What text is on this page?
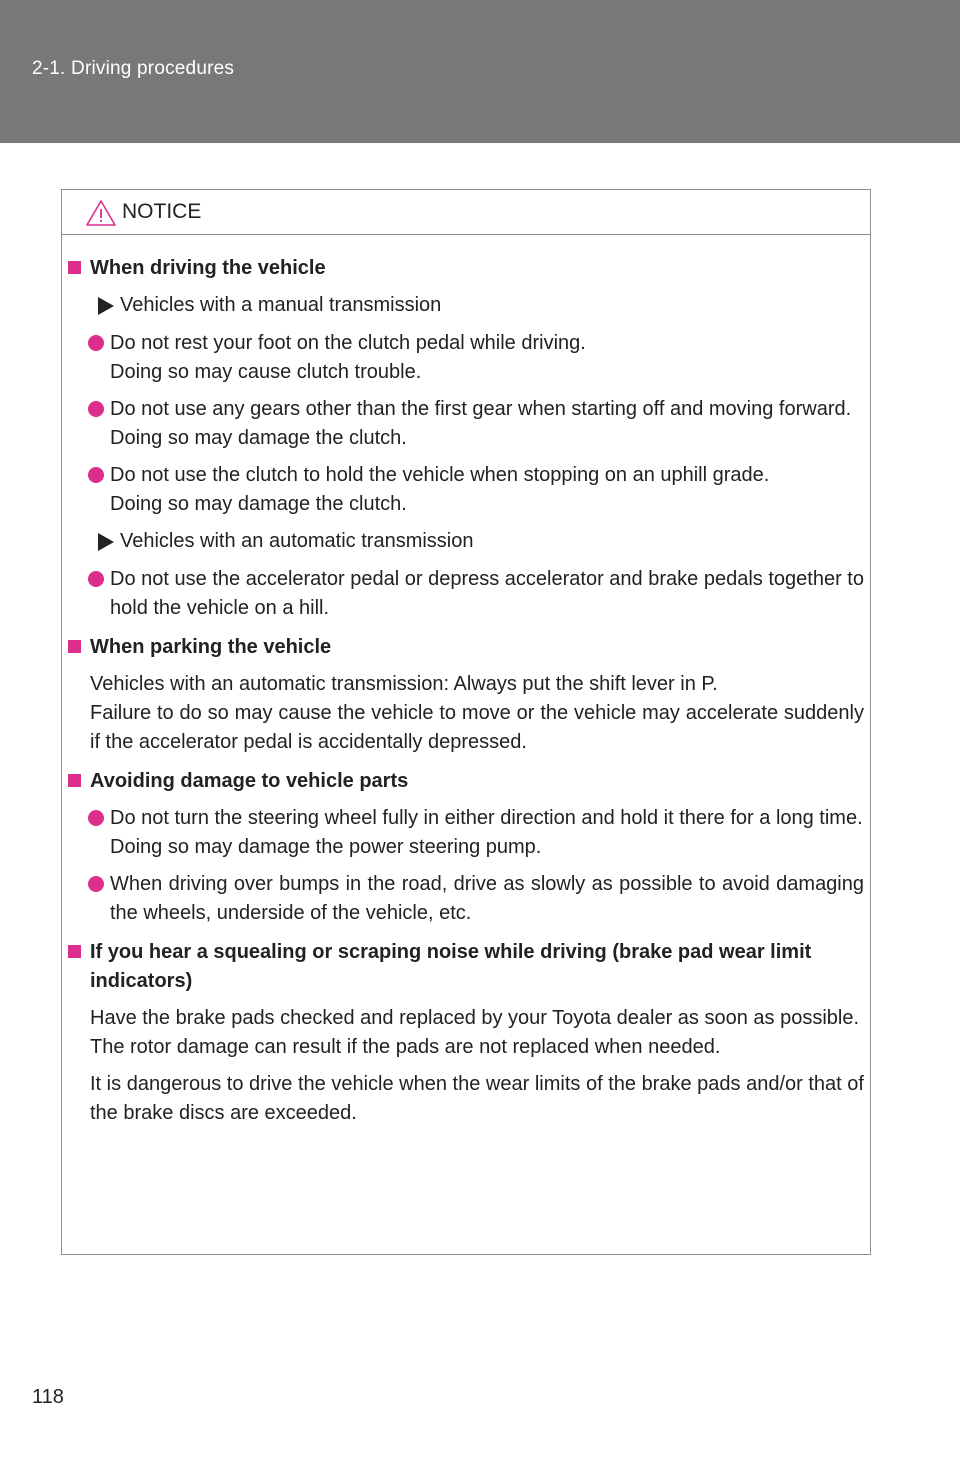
2-1. Driving procedures
NOTICE
When driving the vehicle
Vehicles with a manual transmission
Do not rest your foot on the clutch pedal while driving.
Doing so may cause clutch trouble.
Do not use any gears other than the first gear when starting off and moving forward.
Doing so may damage the clutch.
Do not use the clutch to hold the vehicle when stopping on an uphill grade.
Doing so may damage the clutch.
Vehicles with an automatic transmission
Do not use the accelerator pedal or depress accelerator and brake pedals together to hold the vehicle on a hill.
When parking the vehicle
Vehicles with an automatic transmission: Always put the shift lever in P.
Failure to do so may cause the vehicle to move or the vehicle may accelerate suddenly if the accelerator pedal is accidentally depressed.
Avoiding damage to vehicle parts
Do not turn the steering wheel fully in either direction and hold it there for a long time.
Doing so may damage the power steering pump.
When driving over bumps in the road, drive as slowly as possible to avoid damaging the wheels, underside of the vehicle, etc.
If you hear a squealing or scraping noise while driving (brake pad wear limit indicators)
Have the brake pads checked and replaced by your Toyota dealer as soon as possible.
The rotor damage can result if the pads are not replaced when needed.
It is dangerous to drive the vehicle when the wear limits of the brake pads and/or that of the brake discs are exceeded.
118
